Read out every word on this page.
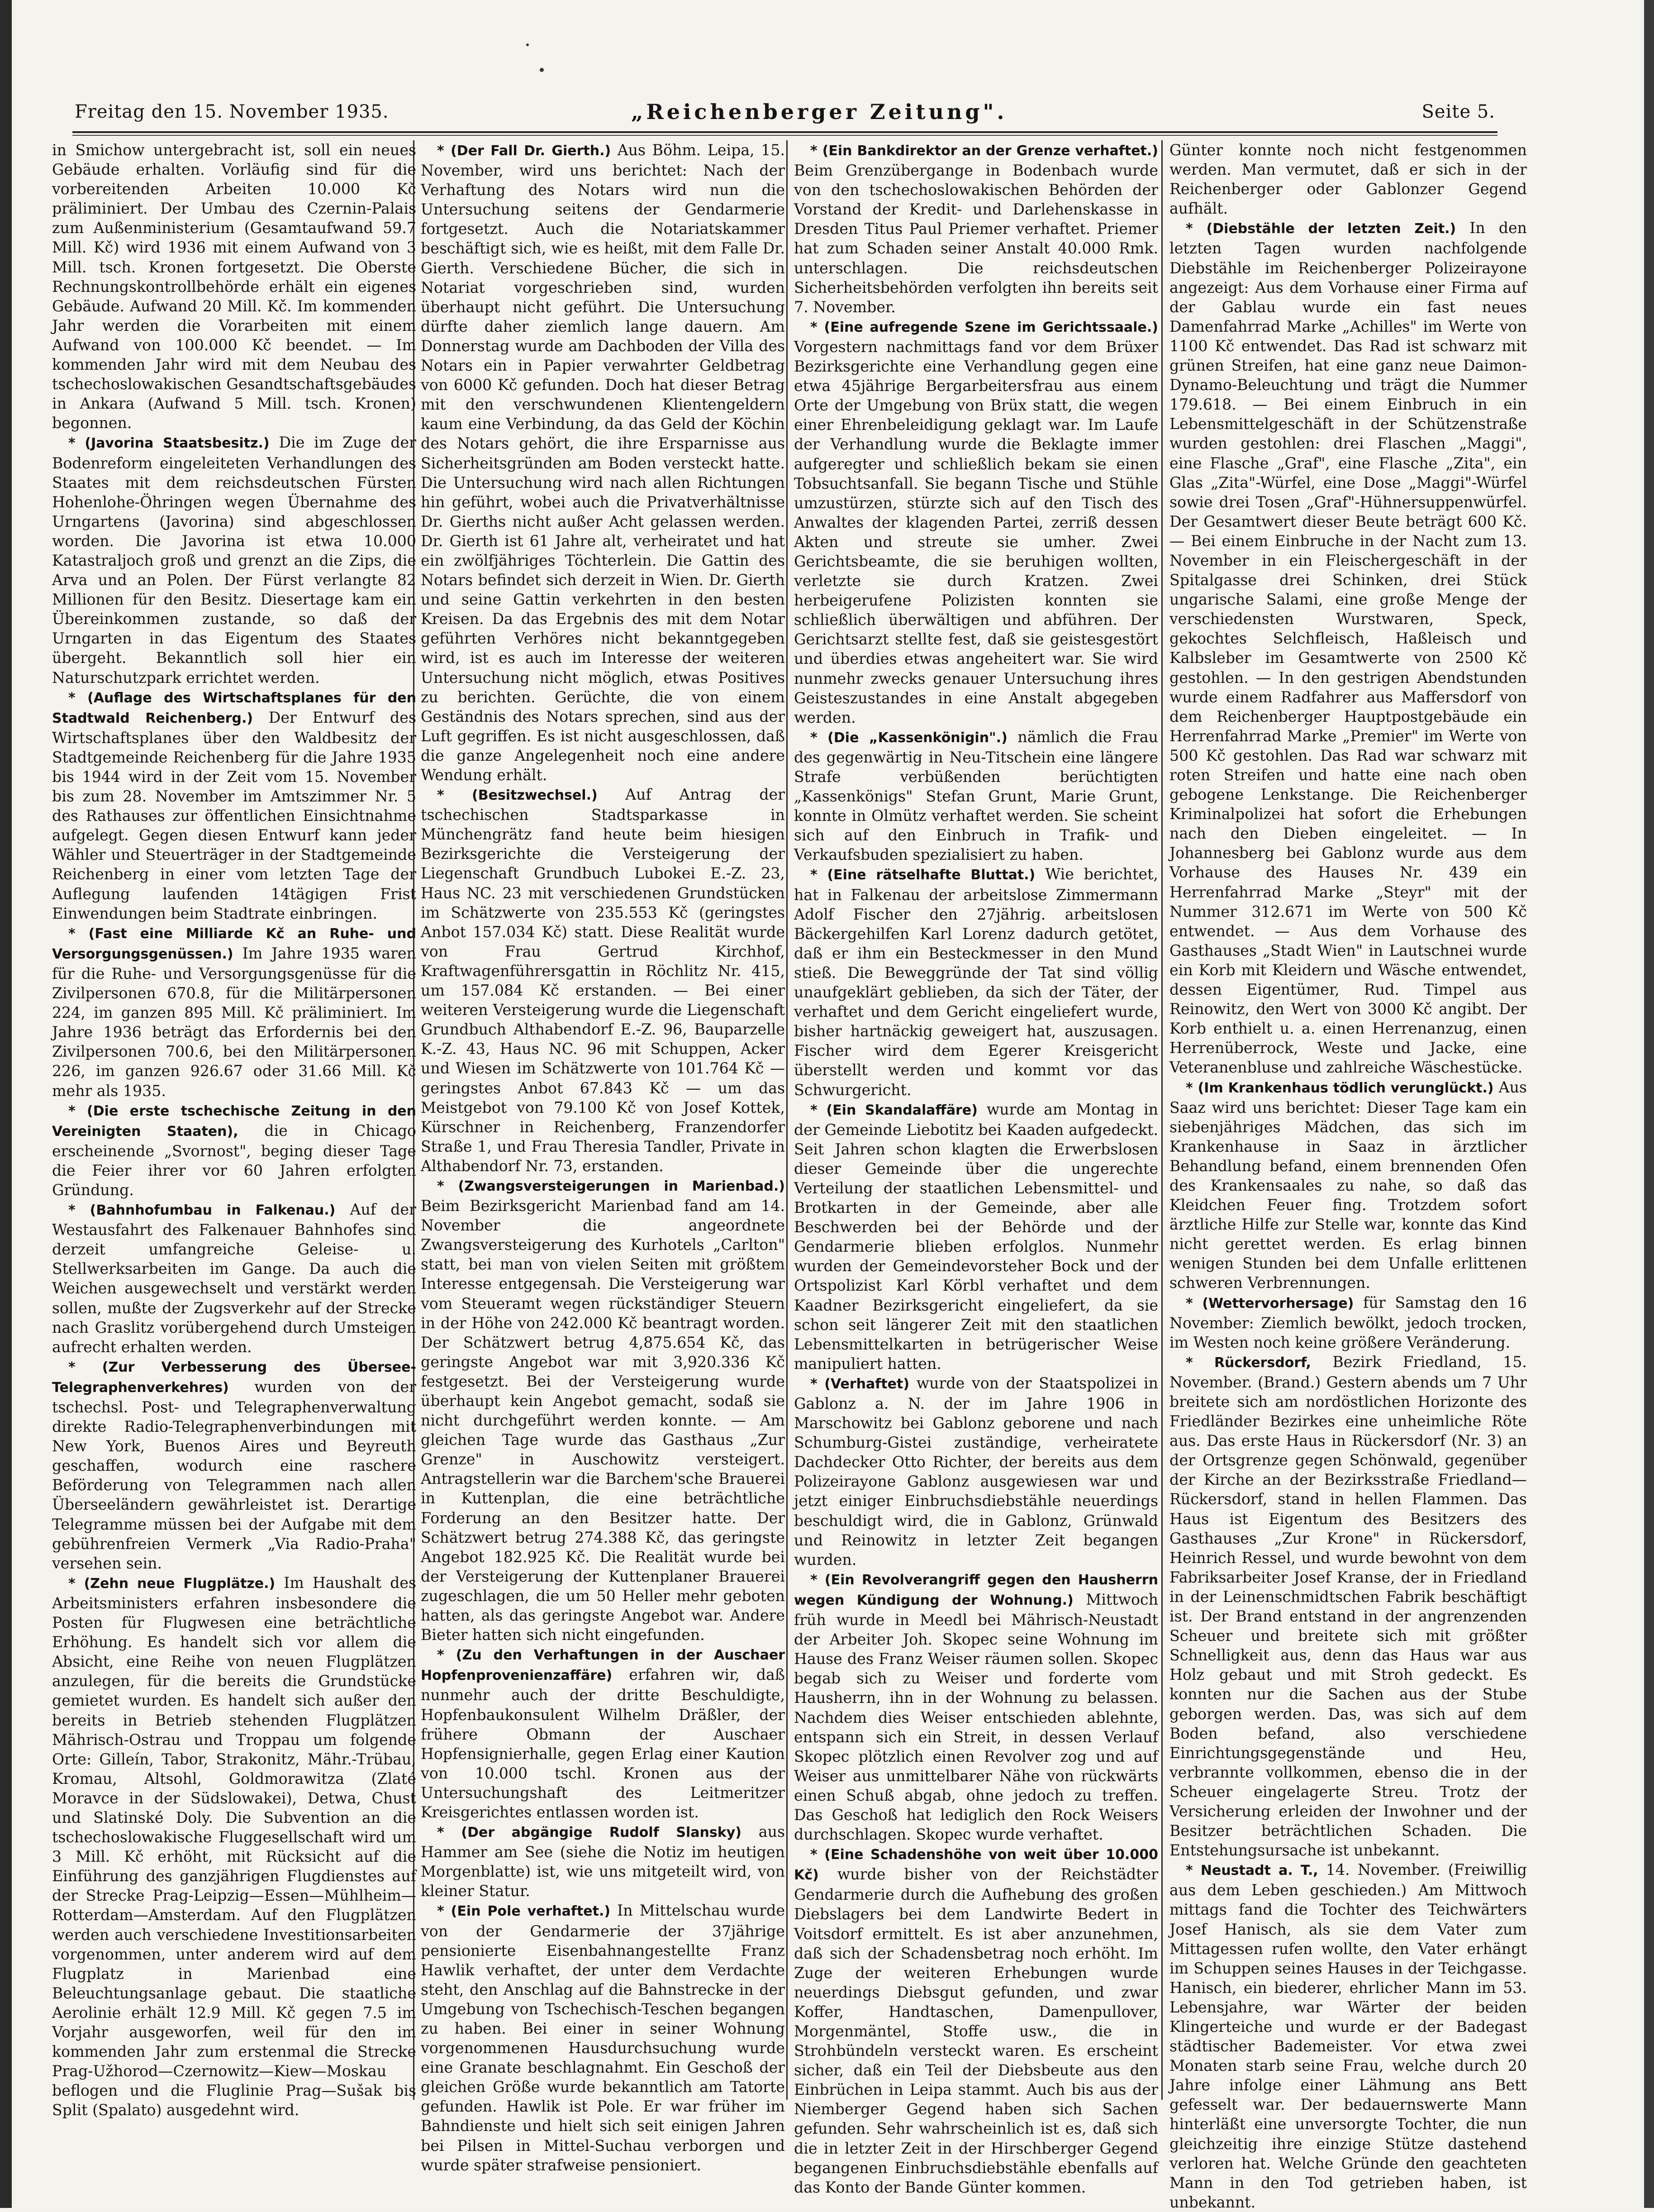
Freitag den 15. November 1935.	„Reichenberger Zeitung".	Seite 5.

in Smichow untergebracht ist, soll ein neues Gebäude erhalten. Vorläufig sind für die vorbereitenden Arbeiten 10.000 Kč präliminiert. Der Umbau des Czernin-Palais zum Außenministerium (Gesamtaufwand 59.7 Mill. Kč) wird 1936 mit einem Aufwand von 3 Mill. tsch. Kronen fortgesetzt. Die Oberste Rechnungskontrollbehörde erhält ein eigenes Gebäude. Aufwand 20 Mill. Kč. Im kommenden Jahr werden die Vorarbeiten mit einem Aufwand von 100.000 Kč beendet. — Im kommenden Jahr wird mit dem Neubau des tschechoslowakischen Gesandtschaftsgebäudes in Ankara (Aufwand 5 Mill. tsch. Kronen) begonnen.

* (Javorina Staatsbesitz.) Die im Zuge der Bodenreform eingeleiteten Verhandlungen des Staates mit dem reichsdeutschen Fürsten Hohenlohe-Öhringen wegen Übernahme des Urngartens (Javorina) sind abgeschlossen worden. Die Javorina ist etwa 10.000 Katastraljoch groß und grenzt an die Zips, die Arva und an Polen. Der Fürst verlangte 82 Millionen für den Besitz. Diesertage kam ein Übereinkommen zustande, so daß der Urngarten in das Eigentum des Staates übergeht. Bekanntlich soll hier ein Naturschutzpark errichtet werden.

* (Auflage des Wirtschaftsplanes für den Stadtwald Reichenberg.) Der Entwurf des Wirtschaftsplanes über den Waldbesitz der Stadtgemeinde Reichenberg für die Jahre 1935 bis 1944 wird in der Zeit vom 15. November bis zum 28. November im Amtszimmer Nr. 5 des Rathauses zur öffentlichen Einsichtnahme aufgelegt. Gegen diesen Entwurf kann jeder Wähler und Steuerträger in der Stadtgemeinde Reichenberg in einer vom letzten Tage der Auflegung laufenden 14tägigen Frist Einwendungen beim Stadtrate einbringen.

* (Fast eine Milliarde Kč an Ruhe- und Versorgungsgenüssen.) Im Jahre 1935 waren für die Ruhe- und Versorgungsgenüsse für die Zivilpersonen 670.8, für die Militärpersonen 224, im ganzen 895 Mill. Kč präliminiert. Im Jahre 1936 beträgt das Erfordernis bei den Zivilpersonen 700.6, bei den Militärpersonen 226, im ganzen 926.67 oder 31.66 Mill. Kč mehr als 1935.

* (Die erste tschechische Zeitung in den Vereinigten Staaten), die in Chicago erscheinende „Svornost", beging dieser Tage die Feier ihrer vor 60 Jahren erfolgten Gründung.

* (Bahnhofumbau in Falkenau.) Auf der Westausfahrt des Falkenauer Bahnhofes sind derzeit umfangreiche Geleise- u. Stellwerksarbeiten im Gange. Da auch die Weichen ausgewechselt und verstärkt werden sollen, mußte der Zugsverkehr auf der Strecke nach Graslitz vorübergehend durch Umsteigen aufrecht erhalten werden.

* (Zur Verbesserung des Übersee-Telegraphenverkehres) wurden von der tschechsl. Post- und Telegraphenverwaltung direkte Radio-Telegraphenverbindungen mit New York, Buenos Aires und Beyreuth geschaffen, wodurch eine raschere Beförderung von Telegrammen nach allen Überseeländern gewährleistet ist. Derartige Telegramme müssen bei der Aufgabe mit dem gebührenfreien Vermerk „Via Radio-Praha" versehen sein.

* (Zehn neue Flugplätze.) Im Haushalt des Arbeitsministers erfahren insbesondere die Posten für Flugwesen eine beträchtliche Erhöhung. Es handelt sich vor allem die Absicht, eine Reihe von neuen Flugplätzen anzulegen, für die bereits die Grundstücke gemietet wurden. Es handelt sich außer den bereits in Betrieb stehenden Flugplätzen Mährisch-Ostrau und Troppau um folgende Orte: Gilleín, Tabor, Strakonitz, Mähr.-Trübau, Kromau, Altsohl, Goldmorawitza (Zlaté Moravce in der Südslowakei), Detwa, Chust und Slatinské Doly. Die Subvention an die tschechoslowakische Fluggesellschaft wird um 3 Mill. Kč erhöht, mit Rücksicht auf die Einführung des ganzjährigen Flugdienstes auf der Strecke Prag-Leipzig—Essen—Mühlheim—Rotterdam—Amsterdam. Auf den Flugplätzen werden auch verschiedene Investitionsarbeiten vorgenommen, unter anderem wird auf dem Flugplatz in Marienbad eine Beleuchtungsanlage gebaut. Die staatliche Aerolinie erhält 12.9 Mill. Kč gegen 7.5 im Vorjahr ausgeworfen, weil für den im kommenden Jahr zum erstenmal die Strecke Prag-Užhorod—Czernowitz—Kiew—Moskau beflogen und die Fluglinie Prag—Sušak bis Split (Spalato) ausgedehnt wird.

* (Der Fall Dr. Gierth.) Aus Böhm. Leipa, 15. November, wird uns berichtet: Nach der Verhaftung des Notars wird nun die Untersuchung seitens der Gendarmerie fortgesetzt. Auch die Notariatskammer beschäftigt sich, wie es heißt, mit dem Falle Dr. Gierth. Verschiedene Bücher, die sich in Notariat vorgeschrieben sind, wurden überhaupt nicht geführt. Die Untersuchung dürfte daher ziemlich lange dauern. Am Donnerstag wurde am Dachboden der Villa des Notars ein in Papier verwahrter Geldbetrag von 6000 Kč gefunden. Doch hat dieser Betrag mit den verschwundenen Klientengeldern kaum eine Verbindung, da das Geld der Köchin des Notars gehört, die ihre Ersparnisse aus Sicherheitsgründen am Boden versteckt hatte. Die Untersuchung wird nach allen Richtungen hin geführt, wobei auch die Privatverhältnisse Dr. Gierths nicht außer Acht gelassen werden. Dr. Gierth ist 61 Jahre alt, verheiratet und hat ein zwölfjähriges Töchterlein. Die Gattin des Notars befindet sich derzeit in Wien. Dr. Gierth und seine Gattin verkehrten in den besten Kreisen. Da das Ergebnis des mit dem Notar geführten Verhöres nicht bekanntgegeben wird, ist es auch im Interesse der weiteren Untersuchung nicht möglich, etwas Positives zu berichten. Gerüchte, die von einem Geständnis des Notars sprechen, sind aus der Luft gegriffen. Es ist nicht ausgeschlossen, daß die ganze Angelegenheit noch eine andere Wendung erhält.

* (Besitzwechsel.) Auf Antrag der tschechischen Stadtsparkasse in Münchengrätz fand heute beim hiesigen Bezirksgerichte die Versteigerung der Liegenschaft Grundbuch Lubokei E.-Z. 23, Haus NC. 23 mit verschiedenen Grundstücken im Schätzwerte von 235.553 Kč (geringstes Anbot 157.034 Kč) statt. Diese Realität wurde von Frau Gertrud Kirchhof, Kraftwagenführersgattin in Röchlitz Nr. 415, um 157.084 Kč erstanden. — Bei einer weiteren Versteigerung wurde die Liegenschaft Grundbuch Althabendorf E.-Z. 96, Bauparzelle K.-Z. 43, Haus NC. 96 mit Schuppen, Acker und Wiesen im Schätzwerte von 101.764 Kč — geringstes Anbot 67.843 Kč — um das Meistgebot von 79.100 Kč von Josef Kottek, Kürschner in Reichenberg, Franzendorfer Straße 1, und Frau Theresia Tandler, Private in Althabendorf Nr. 73, erstanden.

* (Zwangsversteigerungen in Marienbad.) Beim Bezirksgericht Marienbad fand am 14. November die angeordnete Zwangsversteigerung des Kurhotels „Carlton" statt, bei man von vielen Seiten mit größtem Interesse entgegensah. Die Versteigerung war vom Steueramt wegen rückständiger Steuern in der Höhe von 242.000 Kč beantragt worden. Der Schätzwert betrug 4,875.654 Kč, das geringste Angebot war mit 3,920.336 Kč festgesetzt. Bei der Versteigerung wurde überhaupt kein Angebot gemacht, sodaß sie nicht durchgeführt werden konnte. — Am gleichen Tage wurde das Gasthaus „Zur Grenze" in Auschowitz versteigert. Antragstellerin war die Barchem'sche Brauerei in Kuttenplan, die eine beträchtliche Forderung an den Besitzer hatte. Der Schätzwert betrug 274.388 Kč, das geringste Angebot 182.925 Kč. Die Realität wurde bei der Versteigerung der Kuttenplaner Brauerei zugeschlagen, die um 50 Heller mehr geboten hatten, als das geringste Angebot war. Andere Bieter hatten sich nicht eingefunden.

* (Zu den Verhaftungen in der Auschaer Hopfenprovenienzaffäre) erfahren wir, daß nunmehr auch der dritte Beschuldigte, Hopfenbaukonsulent Wilhelm Dräßler, der frühere Obmann der Auschaer Hopfensignierhalle, gegen Erlag einer Kaution von 10.000 tschl. Kronen aus der Untersuchungshaft des Leitmeritzer Kreisgerichtes entlassen worden ist.

* (Der abgängige Rudolf Slansky) aus Hammer am See (siehe die Notiz im heutigen Morgenblatte) ist, wie uns mitgeteilt wird, von kleiner Statur.

* (Ein Pole verhaftet.) In Mittelschau wurde von der Gendarmerie der 37jährige pensionierte Eisenbahnangestellte Franz Hawlik verhaftet, der unter dem Verdachte steht, den Anschlag auf die Bahnstrecke in der Umgebung von Tschechisch-Teschen begangen zu haben. Bei einer in seiner Wohnung vorgenommenen Hausdurchsuchung wurde eine Granate beschlagnahmt. Ein Geschoß der gleichen Größe wurde bekanntlich am Tatorte gefunden. Hawlik ist Pole. Er war früher im Bahndienste und hielt sich seit einigen Jahren bei Pilsen in Mittel-Suchau verborgen und wurde später strafweise pensioniert.

* (Ein Bankdirektor an der Grenze verhaftet.) Beim Grenzübergange in Bodenbach wurde von den tschechoslowakischen Behörden der Vorstand der Kredit- und Darlehenskasse in Dresden Titus Paul Priemer verhaftet. Priemer hat zum Schaden seiner Anstalt 40.000 Rmk. unterschlagen. Die reichsdeutschen Sicherheitsbehörden verfolgten ihn bereits seit 7. November.

* (Eine aufregende Szene im Gerichtssaale.) Vorgestern nachmittags fand vor dem Brüxer Bezirksgerichte eine Verhandlung gegen eine etwa 45jährige Bergarbeitersfrau aus einem Orte der Umgebung von Brüx statt, die wegen einer Ehrenbeleidigung geklagt war. Im Laufe der Verhandlung wurde die Beklagte immer aufgeregter und schließlich bekam sie einen Tobsuchtsanfall. Sie begann Tische und Stühle umzustürzen, stürzte sich auf den Tisch des Anwaltes der klagenden Partei, zerriß dessen Akten und streute sie umher. Zwei Gerichtsbeamte, die sie beruhigen wollten, verletzte sie durch Kratzen. Zwei herbeigerufene Polizisten konnten sie schließlich überwältigen und abführen. Der Gerichtsarzt stellte fest, daß sie geistesgestört und überdies etwas angeheitert war. Sie wird nunmehr zwecks genauer Untersuchung ihres Geisteszustandes in eine Anstalt abgegeben werden.

* (Die „Kassenkönigin".) nämlich die Frau des gegenwärtig in Neu-Titschein eine längere Strafe verbüßenden berüchtigten „Kassenkönigs" Stefan Grunt, Marie Grunt, konnte in Olmütz verhaftet werden. Sie scheint sich auf den Einbruch in Trafik- und Verkaufsbuden spezialisiert zu haben.

* (Eine rätselhafte Bluttat.) Wie berichtet, hat in Falkenau der arbeitslose Zimmermann Adolf Fischer den 27jährig. arbeitslosen Bäckergehilfen Karl Lorenz dadurch getötet, daß er ihm ein Besteckmesser in den Mund stieß. Die Beweggründe der Tat sind völlig unaufgeklärt geblieben, da sich der Täter, der verhaftet und dem Gericht eingeliefert wurde, bisher hartnäckig geweigert hat, auszusagen. Fischer wird dem Egerer Kreisgericht überstellt werden und kommt vor das Schwurgericht.

* (Ein Skandalaffäre) wurde am Montag in der Gemeinde Liebotitz bei Kaaden aufgedeckt. Seit Jahren schon klagten die Erwerbslosen dieser Gemeinde über die ungerechte Verteilung der staatlichen Lebensmittel- und Brotkarten in der Gemeinde, aber alle Beschwerden bei der Behörde und der Gendarmerie blieben erfolglos. Nunmehr wurden der Gemeindevorsteher Bock und der Ortspolizist Karl Körbl verhaftet und dem Kaadner Bezirksgericht eingeliefert, da sie schon seit längerer Zeit mit den staatlichen Lebensmittelkarten in betrügerischer Weise manipuliert hatten.

* (Verhaftet) wurde von der Staatspolizei in Gablonz a. N. der im Jahre 1906 in Marschowitz bei Gablonz geborene und nach Schumburg-Gistei zuständige, verheiratete Dachdecker Otto Richter, der bereits aus dem Polizeirayone Gablonz ausgewiesen war und jetzt einiger Einbruchsdiebstähle neuerdings beschuldigt wird, die in Gablonz, Grünwald und Reinowitz in letzter Zeit begangen wurden.

* (Ein Revolverangriff gegen den Hausherrn wegen Kündigung der Wohnung.) Mittwoch früh wurde in Meedl bei Mährisch-Neustadt der Arbeiter Joh. Skopec seine Wohnung im Hause des Franz Weiser räumen sollen. Skopec begab sich zu Weiser und forderte vom Hausherrn, ihn in der Wohnung zu belassen. Nachdem dies Weiser entschieden ablehnte, entspann sich ein Streit, in dessen Verlauf Skopec plötzlich einen Revolver zog und auf Weiser aus unmittelbarer Nähe von rückwärts einen Schuß abgab, ohne jedoch zu treffen. Das Geschoß hat lediglich den Rock Weisers durchschlagen. Skopec wurde verhaftet.

* (Eine Schadenshöhe von weit über 10.000 Kč) wurde bisher von der Reichstädter Gendarmerie durch die Aufhebung des großen Diebslagers bei dem Landwirte Bedert in Voitsdorf ermittelt. Es ist aber anzunehmen, daß sich der Schadensbetrag noch erhöht. Im Zuge der weiteren Erhebungen wurde neuerdings Diebsgut gefunden, und zwar Koffer, Handtaschen, Damenpullover, Morgenmäntel, Stoffe usw., die in Strohbündeln versteckt waren. Es erscheint sicher, daß ein Teil der Diebsbeute aus den Einbrüchen in Leipa stammt. Auch bis aus der Niemberger Gegend haben sich Sachen gefunden. Sehr wahrscheinlich ist es, daß sich die in letzter Zeit in der Hirschberger Gegend begangenen Einbruchsdiebstähle ebenfalls auf das Konto der Bande Günter kommen.

Günter konnte noch nicht festgenommen werden. Man vermutet, daß er sich in der Reichenberger oder Gablonzer Gegend aufhält.

* (Diebstähle der letzten Zeit.) In den letzten Tagen wurden nachfolgende Diebstähle im Reichenberger Polizeirayone angezeigt: Aus dem Vorhause einer Firma auf der Gablau wurde ein fast neues Damenfahrrad Marke „Achilles" im Werte von 1100 Kč entwendet. Das Rad ist schwarz mit grünen Streifen, hat eine ganz neue Daimon-Dynamo-Beleuchtung und trägt die Nummer 179.618. — Bei einem Einbruch in ein Lebensmittelgeschäft in der Schützenstraße wurden gestohlen: drei Flaschen „Maggi", eine Flasche „Graf", eine Flasche „Zita", ein Glas „Zita"-Würfel, eine Dose „Maggi"-Würfel sowie drei Tosen „Graf"-Hühnersuppenwürfel. Der Gesamtwert dieser Beute beträgt 600 Kč. — Bei einem Einbruche in der Nacht zum 13. November in ein Fleischergeschäft in der Spitalgasse drei Schinken, drei Stück ungarische Salami, eine große Menge der verschiedensten Wurstwaren, Speck, gekochtes Selchfleisch, Haßleisch und Kalbsleber im Gesamtwerte von 2500 Kč gestohlen. — In den gestrigen Abendstunden wurde einem Radfahrer aus Maffersdorf von dem Reichenberger Hauptpostgebäude ein Herrenfahrrad Marke „Premier" im Werte von 500 Kč gestohlen. Das Rad war schwarz mit roten Streifen und hatte eine nach oben gebogene Lenkstange. Die Reichenberger Kriminalpolizei hat sofort die Erhebungen nach den Dieben eingeleitet. — In Johannesberg bei Gablonz wurde aus dem Vorhause des Hauses Nr. 439 ein Herrenfahrrad Marke „Steyr" mit der Nummer 312.671 im Werte von 500 Kč entwendet. — Aus dem Vorhause des Gasthauses „Stadt Wien" in Lautschnei wurde ein Korb mit Kleidern und Wäsche entwendet, dessen Eigentümer, Rud. Timpel aus Reinowitz, den Wert von 3000 Kč angibt. Der Korb enthielt u. a. einen Herrenanzug, einen Herrenüberrock, Weste und Jacke, eine Veteranenbluse und zahlreiche Wäschestücke.

* (Im Krankenhaus tödlich verunglückt.) Aus Saaz wird uns berichtet: Dieser Tage kam ein siebenjähriges Mädchen, das sich im Krankenhause in Saaz in ärztlicher Behandlung befand, einem brennenden Ofen des Krankensaales zu nahe, so daß das Kleidchen Feuer fing. Trotzdem sofort ärztliche Hilfe zur Stelle war, konnte das Kind nicht gerettet werden. Es erlag binnen wenigen Stunden bei dem Unfalle erlittenen schweren Verbrennungen.

* (Wettervorhersage) für Samstag den 16 November: Ziemlich bewölkt, jedoch trocken, im Westen noch keine größere Veränderung.

* Rückersdorf, Bezirk Friedland, 15. November. (Brand.) Gestern abends um 7 Uhr breitete sich am nordöstlichen Horizonte des Friedländer Bezirkes eine unheimliche Röte aus. Das erste Haus in Rückersdorf (Nr. 3) an der Ortsgrenze gegen Schönwald, gegenüber der Kirche an der Bezirksstraße Friedland—Rückersdorf, stand in hellen Flammen. Das Haus ist Eigentum des Besitzers des Gasthauses „Zur Krone" in Rückersdorf, Heinrich Ressel, und wurde bewohnt von dem Fabriksarbeiter Josef Kranse, der in Friedland in der Leinenschmidtschen Fabrik beschäftigt ist. Der Brand entstand in der angrenzenden Scheuer und breitete sich mit größter Schnelligkeit aus, denn das Haus war aus Holz gebaut und mit Stroh gedeckt. Es konnten nur die Sachen aus der Stube geborgen werden. Das, was sich auf dem Boden befand, also verschiedene Einrichtungsgegenstände und Heu, verbrannte vollkommen, ebenso die in der Scheuer eingelagerte Streu. Trotz der Versicherung erleiden der Inwohner und der Besitzer beträchtlichen Schaden. Die Entstehungsursache ist unbekannt.

* Neustadt a. T., 14. November. (Freiwillig aus dem Leben geschieden.) Am Mittwoch mittags fand die Tochter des Teichwärters Josef Hanisch, als sie dem Vater zum Mittagessen rufen wollte, den Vater erhängt im Schuppen seines Hauses in der Teichgasse. Hanisch, ein biederer, ehrlicher Mann im 53. Lebensjahre, war Wärter der beiden Klingerteiche und wurde er der Badegast städtischer Bademeister. Vor etwa zwei Monaten starb seine Frau, welche durch 20 Jahre infolge einer Lähmung ans Bett gefesselt war. Der bedauernswerte Mann hinterläßt eine unversorgte Tochter, die nun gleichzeitig ihre einzige Stütze dastehend verloren hat. Welche Gründe den geachteten Mann in den Tod getrieben haben, ist unbekannt.
